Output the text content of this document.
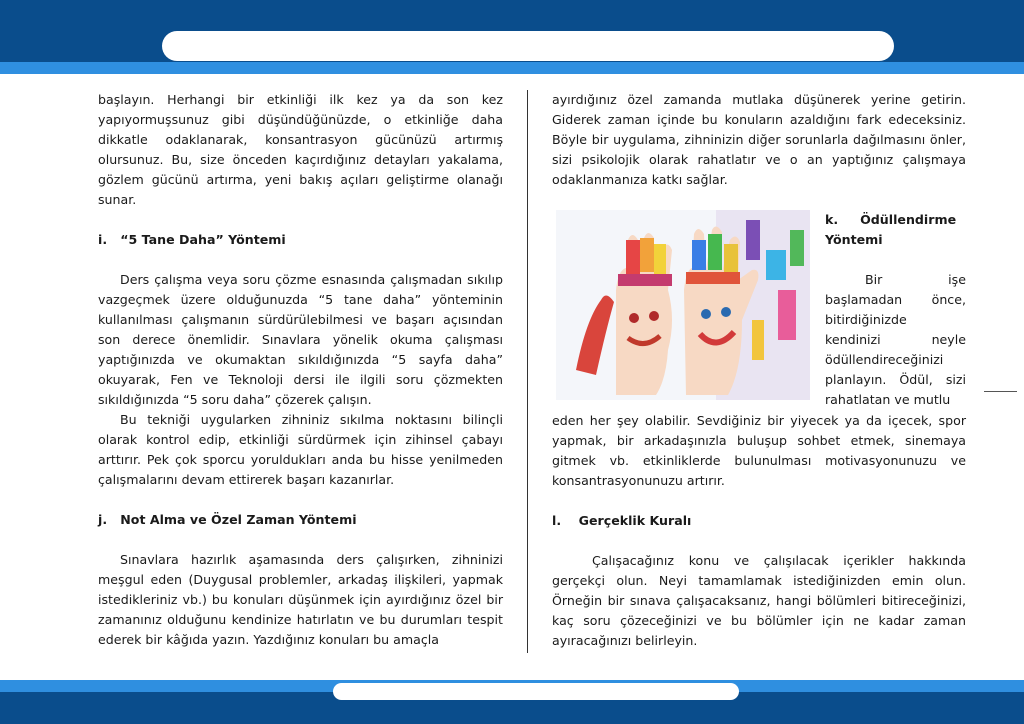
başlayın. Herhangi bir etkinliği ilk kez ya da son kez yapıyormuşsunuz gibi düşündüğünüzde, o etkinliğe daha dikkatle odaklanarak, konsantrasyon gücünüzü artırmış olursunuz. Bu, size önceden kaçırdığınız detayları yakalama, gözlem gücünü artırma, yeni bakış açıları geliştirme olanağı sunar.

i.   “5 Tane Daha” Yöntemi

Ders çalışma veya soru çözme esnasında çalışmadan sıkılıp vazgeçmek üzere olduğunuzda “5 tane daha” yönteminin kullanılması çalışmanın sürdürülebilmesi ve başarı açısından son derece önemlidir. Sınavlara yönelik okuma çalışması yaptığınızda ve okumaktan sıkıldığınızda “5 sayfa daha” okuyarak, Fen ve Teknoloji dersi ile ilgili soru çözmekten sıkıldığınızda “5 soru daha” çözerek çalışın.

Bu tekniği uygularken zihniniz sıkılma noktasını bilinçli olarak kontrol edip, etkinliği sürdürmek için zihinsel çabayı arttırır. Pek çok sporcu yoruldukları anda bu hisse yenilmeden çalışmalarını devam ettirerek başarı kazanırlar.

j.   Not Alma ve Özel Zaman Yöntemi

Sınavlara hazırlık aşamasında ders çalışırken, zihninizi meşgul eden (Duygusal problemler, arkadaş ilişkileri, yapmak istedikleriniz vb.) bu konuları düşünmek için ayırdığınız özel bir zamanınız olduğunu kendinize hatırlatın ve bu durumları tespit ederek bir kâğıda yazın. Yazdığınız konuları bu amaçla

ayırdığınız özel zamanda mutlaka düşünerek yerine getirin. Giderek zaman içinde bu konuların azaldığını fark edeceksiniz. Böyle bir uygulama, zihninizin diğer sorunlarla dağılmasını önler, sizi psikolojik olarak rahatlatır ve o an yaptığınız çalışmaya odaklanmanıza katkı sağlar.

k.     Ödüllendirme Yöntemi

Bir işe başlamadan önce, bitirdiğinizde kendinizi neyle ödüllendireceğinizi planlayın. Ödül, sizi rahatlatan ve mutlu

eden her şey olabilir. Sevdiğiniz bir yiyecek ya da içecek, spor yapmak, bir arkadaşınızla buluşup sohbet etmek, sinemaya gitmek vb. etkinliklerde bulunulması motivasyonunuzu ve konsantrasyonunuzu artırır.

l.    Gerçeklik Kuralı

Çalışacağınız konu ve çalışılacak içerikler hakkında gerçekçi olun. Neyi tamamlamak istediğinizden emin olun. Örneğin bir sınava çalışacaksanız, hangi bölümleri bitireceğinizi, kaç soru çözeceğinizi ve bu bölümler için ne kadar zaman ayıracağınızı belirleyin.
